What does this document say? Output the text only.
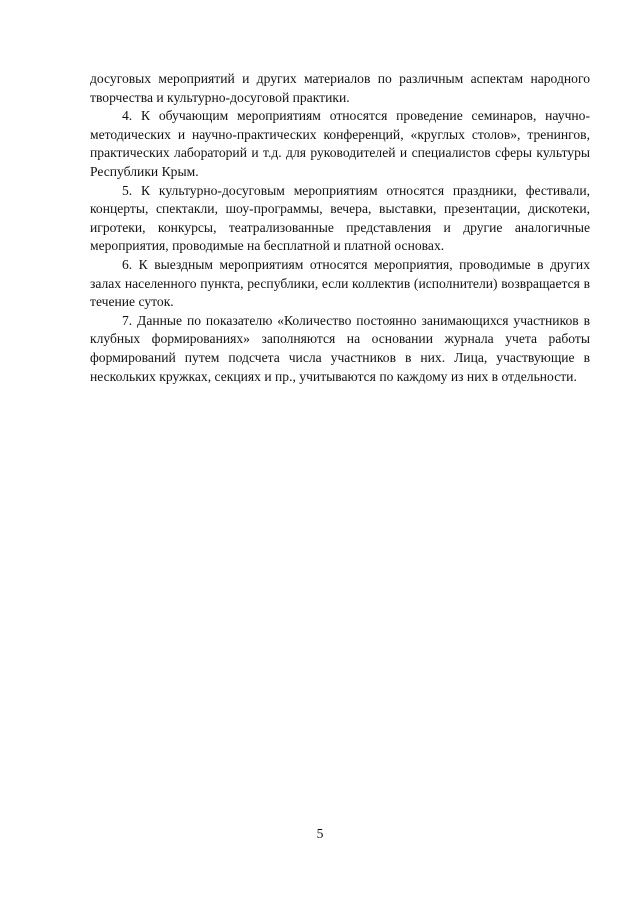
досуговых мероприятий и других материалов по различным аспектам народного творчества и культурно-досуговой практики.

4. К обучающим мероприятиям относятся проведение семинаров, научно-методических и научно-практических конференций, «круглых столов», тренингов, практических лабораторий и т.д. для руководителей и специалистов сферы культуры Республики Крым.

5. К культурно-досуговым мероприятиям относятся праздники, фестивали, концерты, спектакли, шоу-программы, вечера, выставки, презентации, дискотеки, игротеки, конкурсы, театрализованные представления и другие аналогичные мероприятия, проводимые на бесплатной и платной основах.

6. К выездным мероприятиям относятся мероприятия, проводимые в других залах населенного пункта, республики, если коллектив (исполнители) возвращается в течение суток.

7. Данные по показателю «Количество постоянно занимающихся участников в клубных формированиях» заполняются на основании журнала учета работы формирований путем подсчета числа участников в них. Лица, участвующие в нескольких кружках, секциях и пр., учитываются по каждому из них в отдельности.

5
